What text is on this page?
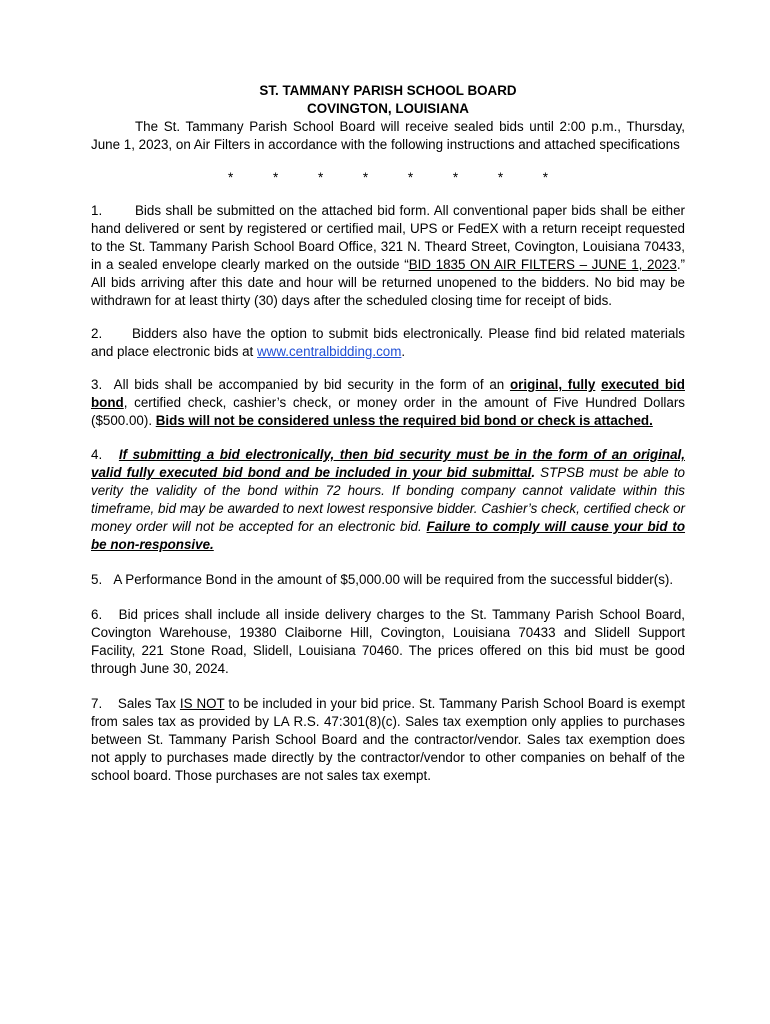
ST. TAMMANY PARISH SCHOOL BOARD
COVINGTON, LOUISIANA

The St. Tammany Parish School Board will receive sealed bids until 2:00 p.m., Thursday, June 1, 2023, on Air Filters in accordance with the following instructions and attached specifications

*	*	*	*	*	*	*	*

1. Bids shall be submitted on the attached bid form. All conventional paper bids shall be either hand delivered or sent by registered or certified mail, UPS or FedEX with a return receipt requested to the St. Tammany Parish School Board Office, 321 N. Theard Street, Covington, Louisiana 70433, in a sealed envelope clearly marked on the outside “BID 1835 ON AIR FILTERS – JUNE 1, 2023.” All bids arriving after this date and hour will be returned unopened to the bidders. No bid may be withdrawn for at least thirty (30) days after the scheduled closing time for receipt of bids.

2. Bidders also have the option to submit bids electronically. Please find bid related materials and place electronic bids at www.centralbidding.com.

3. All bids shall be accompanied by bid security in the form of an original, fully executed bid bond, certified check, cashier’s check, or money order in the amount of Five Hundred Dollars ($500.00). Bids will not be considered unless the required bid bond or check is attached.

4. If submitting a bid electronically, then bid security must be in the form of an original, valid fully executed bid bond and be included in your bid submittal. STPSB must be able to verity the validity of the bond within 72 hours. If bonding company cannot validate within this timeframe, bid may be awarded to next lowest responsive bidder. Cashier’s check, certified check or money order will not be accepted for an electronic bid. Failure to comply will cause your bid to be non-responsive.

5. A Performance Bond in the amount of $5,000.00 will be required from the successful bidder(s).

6. Bid prices shall include all inside delivery charges to the St. Tammany Parish School Board, Covington Warehouse, 19380 Claiborne Hill, Covington, Louisiana 70433 and Slidell Support Facility, 221 Stone Road, Slidell, Louisiana 70460. The prices offered on this bid must be good through June 30, 2024.

7. Sales Tax IS NOT to be included in your bid price. St. Tammany Parish School Board is exempt from sales tax as provided by LA R.S. 47:301(8)(c). Sales tax exemption only applies to purchases between St. Tammany Parish School Board and the contractor/vendor. Sales tax exemption does not apply to purchases made directly by the contractor/vendor to other companies on behalf of the school board. Those purchases are not sales tax exempt.
